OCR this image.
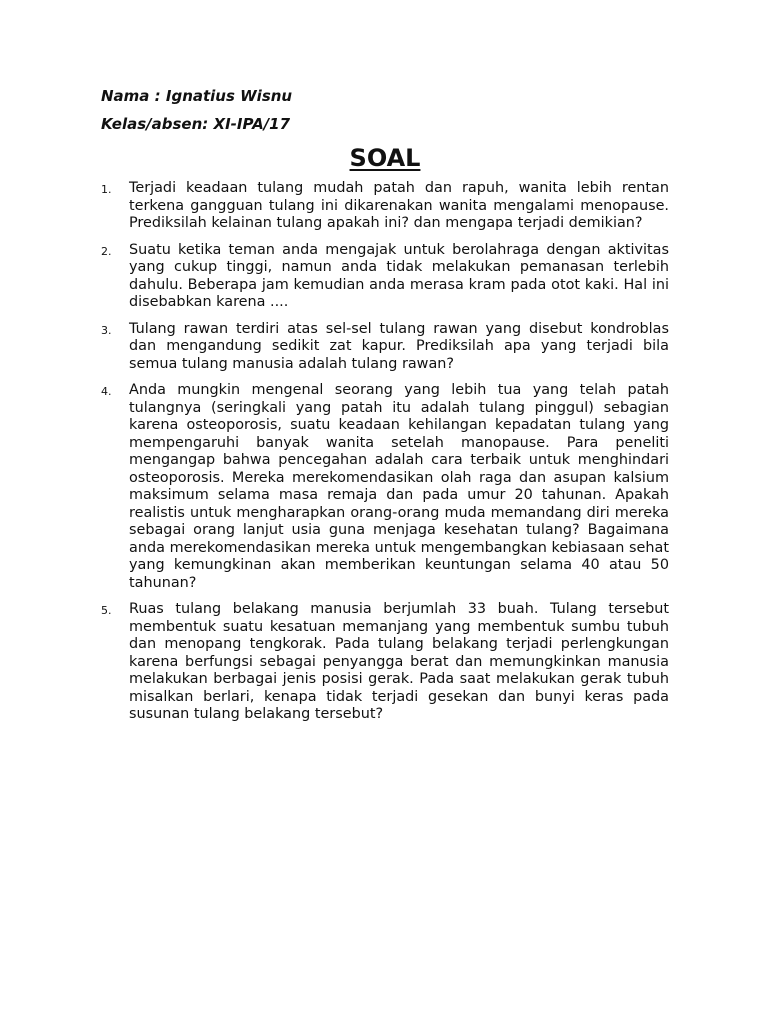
Nama : Ignatius Wisnu

Kelas/absen: XI-IPA/17

SOAL
1.	Terjadi keadaan tulang mudah patah dan rapuh, wanita lebih rentan terkena gangguan tulang ini dikarenakan wanita mengalami menopause. Prediksilah kelainan tulang apakah ini? dan mengapa terjadi demikian?
2.	Suatu ketika teman anda mengajak untuk berolahraga dengan aktivitas yang cukup tinggi, namun anda tidak melakukan pemanasan terlebih dahulu. Beberapa jam kemudian anda merasa kram pada otot kaki. Hal ini disebabkan karena ....
3.	Tulang rawan terdiri atas sel-sel tulang rawan yang disebut kondroblas dan mengandung sedikit zat kapur. Prediksilah apa yang terjadi bila semua tulang manusia adalah tulang rawan?
4.	Anda mungkin mengenal seorang yang lebih tua yang telah patah tulangnya (seringkali yang patah itu adalah tulang pinggul) sebagian karena osteoporosis, suatu keadaan kehilangan kepadatan tulang yang mempengaruhi banyak wanita setelah manopause. Para peneliti mengangap bahwa pencegahan adalah cara terbaik untuk menghindari osteoporosis. Mereka merekomendasikan olah raga dan asupan kalsium maksimum selama masa remaja dan pada umur 20 tahunan. Apakah realistis untuk mengharapkan orang-orang muda memandang diri mereka sebagai orang lanjut usia guna menjaga kesehatan tulang? Bagaimana anda merekomendasikan mereka untuk mengembangkan kebiasaan sehat yang kemungkinan akan memberikan keuntungan selama 40 atau 50 tahunan?
5.	Ruas tulang belakang manusia berjumlah 33 buah. Tulang tersebut membentuk suatu kesatuan memanjang yang membentuk sumbu tubuh dan menopang tengkorak. Pada tulang belakang terjadi perlengkungan karena berfungsi sebagai penyangga berat dan memungkinkan manusia melakukan berbagai jenis posisi gerak. Pada saat melakukan gerak tubuh misalkan berlari, kenapa tidak terjadi gesekan dan bunyi keras pada susunan tulang belakang tersebut?
